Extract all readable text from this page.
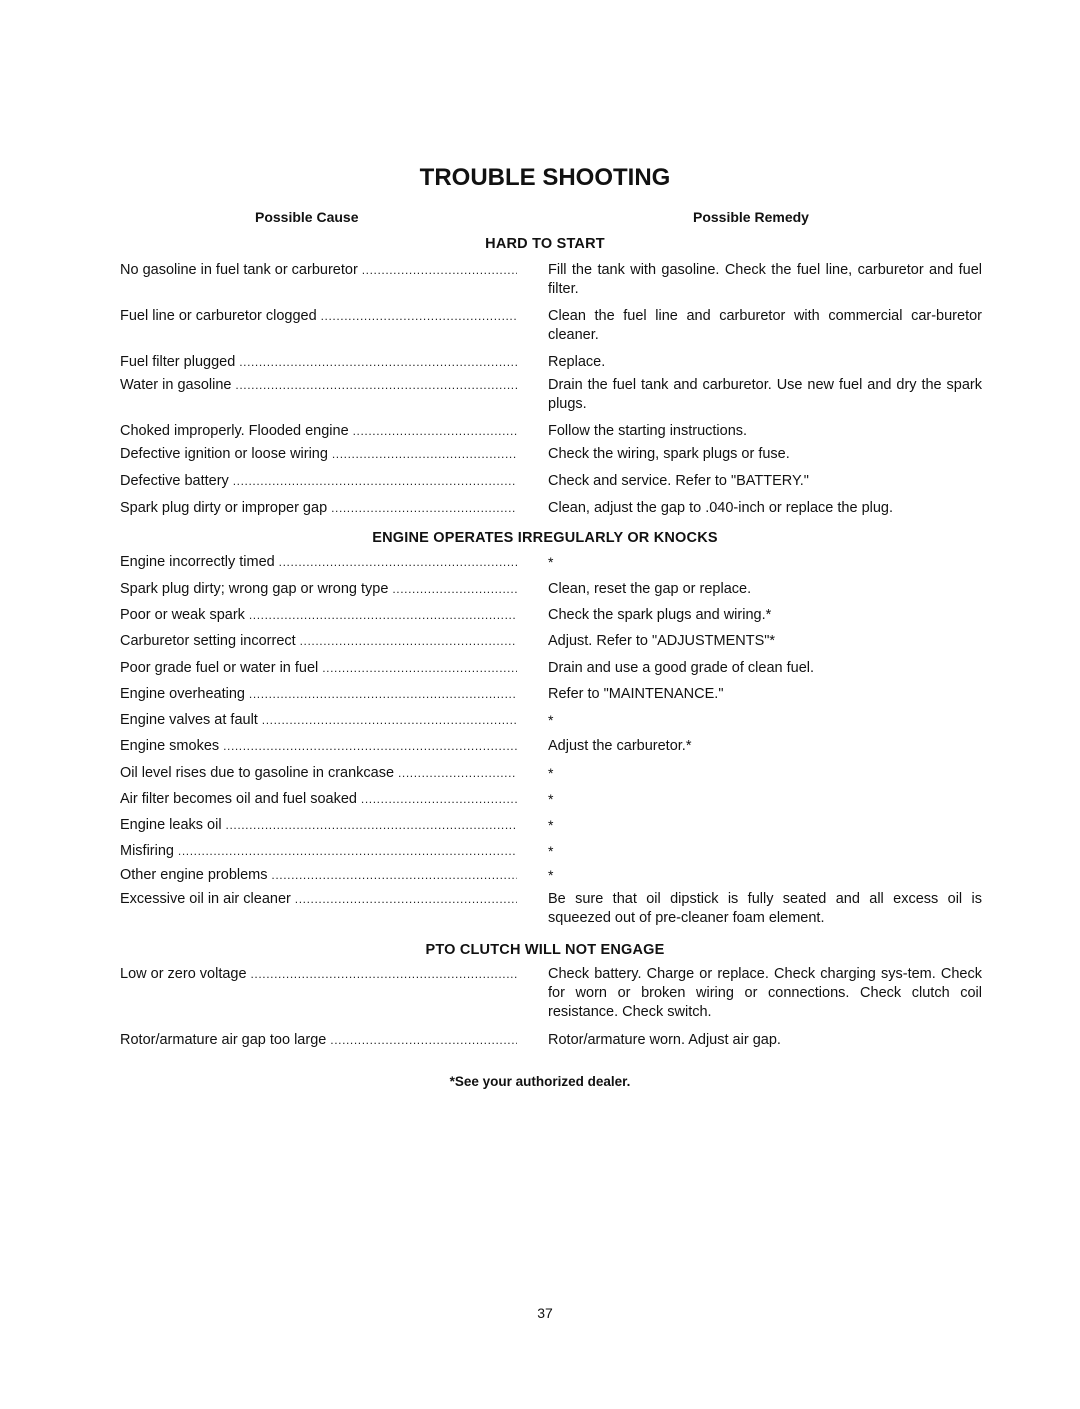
TROUBLE SHOOTING
Possible Cause	Possible Remedy
HARD TO START
No gasoline in fuel tank or carburetor .....	Fill the tank with gasoline. Check the fuel line, carburetor and fuel filter.
Fuel line or carburetor clogged .....	Clean the fuel line and carburetor with commercial car-buretor cleaner.
Fuel filter plugged .....	Replace.
Water in gasoline .....	Drain the fuel tank and carburetor. Use new fuel and dry the spark plugs.
Choked improperly. Flooded engine .....	Follow the starting instructions.
Defective ignition or loose wiring .....	Check the wiring, spark plugs or fuse.
Defective battery .....	Check and service. Refer to "BATTERY."
Spark plug dirty or improper gap .....	Clean, adjust the gap to .040-inch or replace the plug.
ENGINE OPERATES IRREGULARLY OR KNOCKS
Engine incorrectly timed .....	*
Spark plug dirty; wrong gap or wrong type .....	Clean, reset the gap or replace.
Poor or weak spark .....	Check the spark plugs and wiring.*
Carburetor setting incorrect .....	Adjust. Refer to "ADJUSTMENTS"*
Poor grade fuel or water in fuel .....	Drain and use a good grade of clean fuel.
Engine overheating .....	Refer to "MAINTENANCE."
Engine valves at fault .....	*
Engine smokes .....	Adjust the carburetor.*
Oil level rises due to gasoline in crankcase .....	*
Air filter becomes oil and fuel soaked .....	*
Engine leaks oil .....	*
Misfiring .....	*
Other engine problems .....	*
Excessive oil in air cleaner .....	Be sure that oil dipstick is fully seated and all excess oil is squeezed out of pre-cleaner foam element.
PTO CLUTCH WILL NOT ENGAGE
Low or zero voltage .....	Check battery. Charge or replace. Check charging sys-tem. Check for worn or broken wiring or connections. Check clutch coil resistance. Check switch.
Rotor/armature air gap too large .....	Rotor/armature worn. Adjust air gap.
*See your authorized dealer.
37
